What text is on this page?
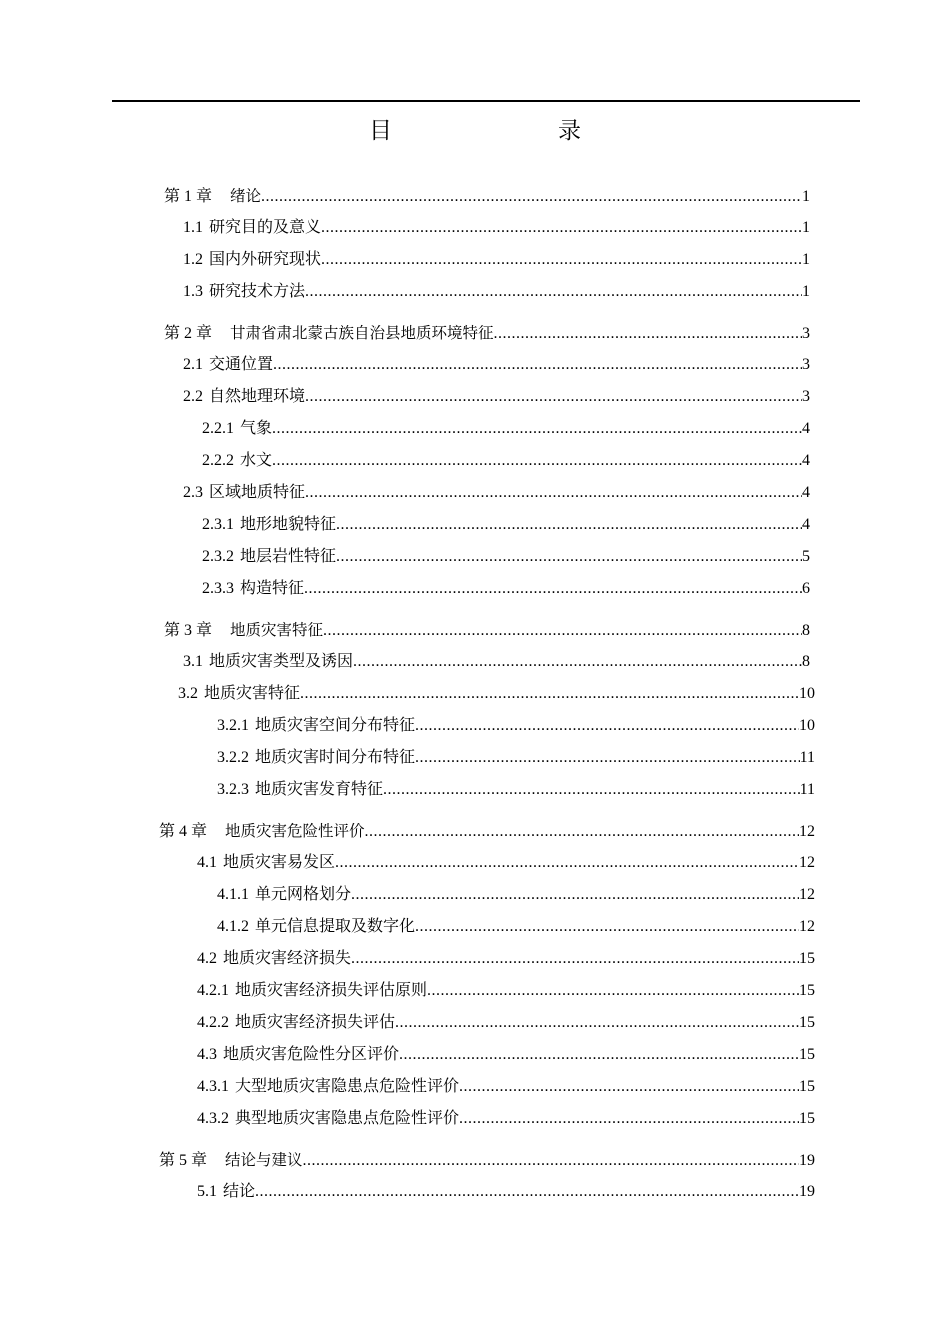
目　　录
第 1 章 绪论 .....	1
1.1 研究目的及意义 .....	1
1.2 国内外研究现状 .....	1
1.3 研究技术方法 .....	1
第 2 章 甘肃省肃北蒙古族自治县地质环境特征 .....	3
2.1 交通位置 .....	3
2.2 自然地理环境 .....	3
2.2.1 气象 .....	4
2.2.2 水文 .....	4
2.3 区域地质特征 .....	4
2.3.1 地形地貌特征 .....	4
2.3.2 地层岩性特征 .....	5
2.3.3 构造特征 .....	6
第 3 章 地质灾害特征 .....	8
3.1 地质灾害类型及诱因 .....	8
3.2 地质灾害特征 .....	10
3.2.1 地质灾害空间分布特征 .....	10
3.2.2 地质灾害时间分布特征 .....	11
3.2.3 地质灾害发育特征 .....	11
第 4 章 地质灾害危险性评价 .....	12
4.1 地质灾害易发区 .....	12
4.1.1 单元网格划分 .....	12
4.1.2 单元信息提取及数字化 .....	12
4.2 地质灾害经济损失 .....	15
4.2.1 地质灾害经济损失评估原则 .....	15
4.2.2 地质灾害经济损失评估 .....	15
4.3 地质灾害危险性分区评价 .....	15
4.3.1 大型地质灾害隐患点危险性评价 .....	15
4.3.2 典型地质灾害隐患点危险性评价 .....	15
第 5 章 结论与建议 .....	19
5.1 结论 .....	19
